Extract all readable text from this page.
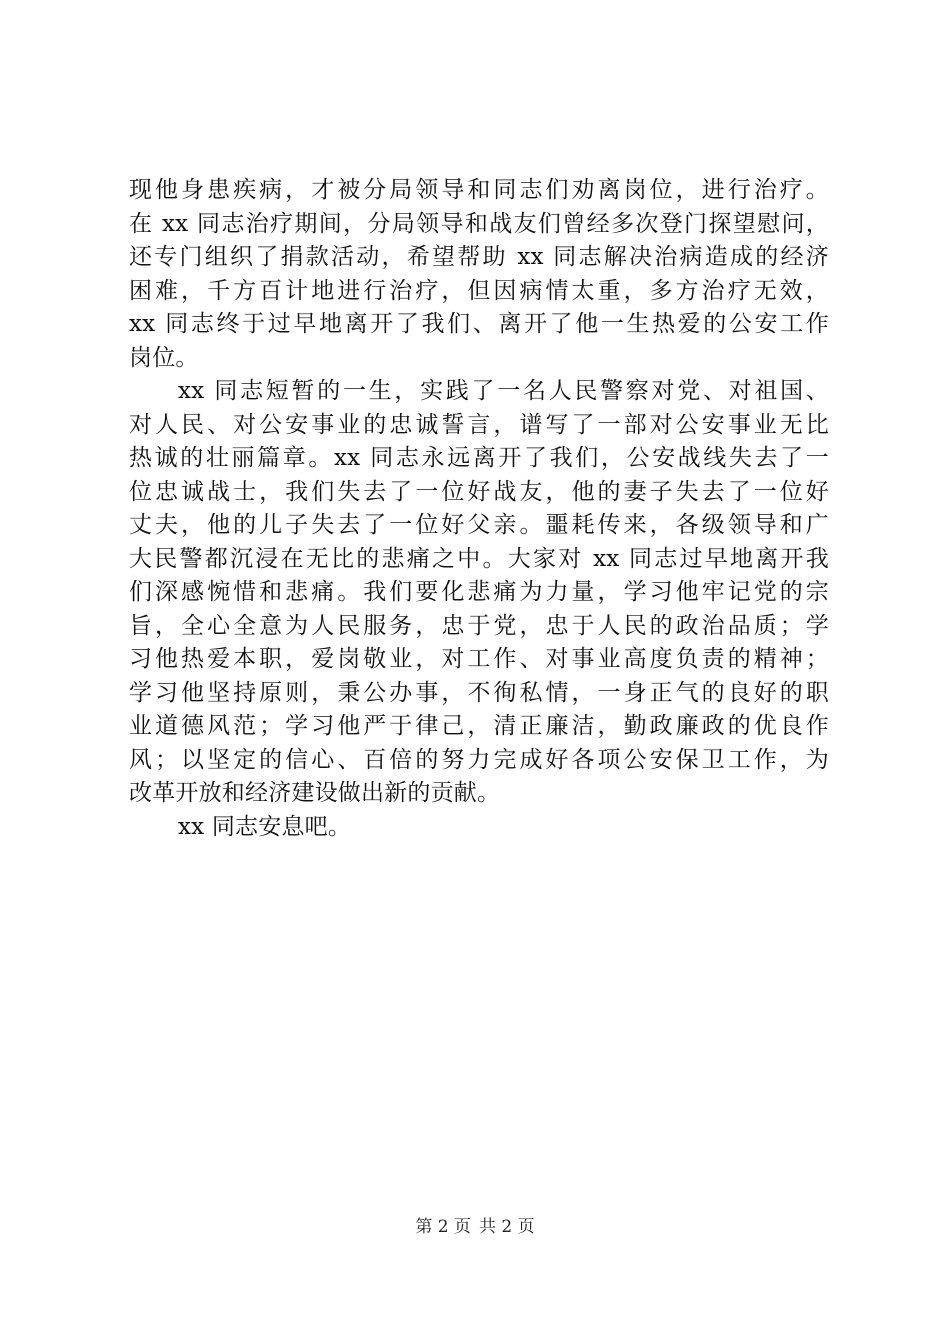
现他身患疾病，才被分局领导和同志们劝离岗位，进行治疗。
在 xx 同志治疗期间，分局领导和战友们曾经多次登门探望慰问，
还专门组织了捐款活动，希望帮助 xx 同志解决治病造成的经济
困难，千方百计地进行治疗，但因病情太重，多方治疗无效，
xx 同志终于过早地离开了我们、离开了他一生热爱的公安工作
岗位。
xx 同志短暂的一生，实践了一名人民警察对党、对祖国、
对人民、对公安事业的忠诚誓言，谱写了一部对公安事业无比
热诚的壮丽篇章。xx 同志永远离开了我们，公安战线失去了一
位忠诚战士，我们失去了一位好战友，他的妻子失去了一位好
丈夫，他的儿子失去了一位好父亲。噩耗传来，各级领导和广
大民警都沉浸在无比的悲痛之中。大家对 xx 同志过早地离开我
们深感惋惜和悲痛。我们要化悲痛为力量，学习他牢记党的宗
旨，全心全意为人民服务，忠于党，忠于人民的政治品质；学
习他热爱本职，爱岗敬业，对工作、对事业高度负责的精神；
学习他坚持原则，秉公办事，不徇私情，一身正气的良好的职
业道德风范；学习他严于律己，清正廉洁，勤政廉政的优良作
风；以坚定的信心、百倍的努力完成好各项公安保卫工作，为
改革开放和经济建设做出新的贡献。
xx 同志安息吧。
第 2 页 共 2 页
